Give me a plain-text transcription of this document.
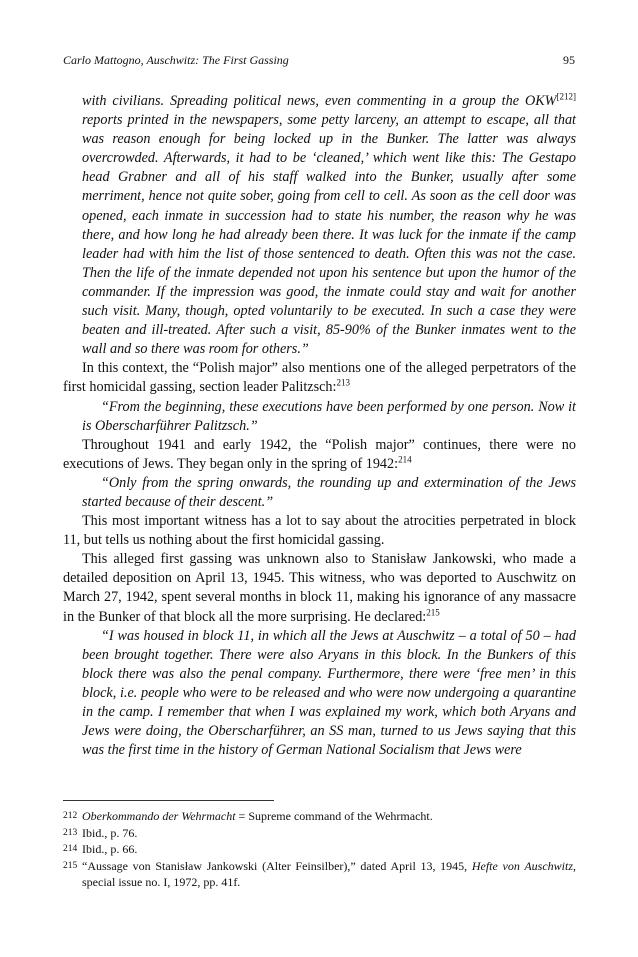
Carlo Mattogno, Auschwitz: The First Gassing	95

with civilians. Spreading political news, even commenting in a group the OKW[212] reports printed in the newspapers, some petty larceny, an attempt to escape, all that was reason enough for being locked up in the Bunker. The latter was always overcrowded. Afterwards, it had to be ‘cleaned,’ which went like this: The Gestapo head Grabner and all of his staff walked into the Bunker, usually after some merriment, hence not quite sober, going from cell to cell. As soon as the cell door was opened, each inmate in succession had to state his number, the reason why he was there, and how long he had already been there. It was luck for the inmate if the camp leader had with him the list of those sentenced to death. Often this was not the case. Then the life of the inmate depended not upon his sentence but upon the humor of the commander. If the impression was good, the inmate could stay and wait for another such visit. Many, though, opted voluntarily to be executed. In such a case they were beaten and ill-treated. After such a visit, 85-90% of the Bunker inmates went to the wall and so there was room for others.”

In this context, the “Polish major” also mentions one of the alleged perpetrators of the first homicidal gassing, section leader Palitzsch:$^{213}$

“From the beginning, these executions have been performed by one person. Now it is Oberscharführer Palitzsch.”

Throughout 1941 and early 1942, the “Polish major” continues, there were no executions of Jews. They began only in the spring of 1942:$^{214}$

“Only from the spring onwards, the rounding up and extermination of the Jews started because of their descent.”

This most important witness has a lot to say about the atrocities perpetrated in block 11, but tells us nothing about the first homicidal gassing.

This alleged first gassing was unknown also to Stanisław Jankowski, who made a detailed deposition on April 13, 1945. This witness, who was deported to Auschwitz on March 27, 1942, spent several months in block 11, making his ignorance of any massacre in the Bunker of that block all the more surprising. He declared:$^{215}$

“I was housed in block 11, in which all the Jews at Auschwitz – a total of 50 – had been brought together. There were also Aryans in this block. In the Bunkers of this block there was also the penal company. Furthermore, there were ‘free men’ in this block, i.e. people who were to be released and who were now undergoing a quarantine in the camp. I remember that when I was explained my work, which both Aryans and Jews were doing, the Oberscharführer, an SS man, turned to us Jews saying that this was the first time in the history of German National Socialism that Jews were

212 Oberkommando der Wehrmacht = Supreme command of the Wehrmacht.
213 Ibid., p. 76.
214 Ibid., p. 66.
215 “Aussage von Stanisław Jankowski (Alter Feinsilber),” dated April 13, 1945, Hefte von Auschwitz, special issue no. I, 1972, pp. 41f.
